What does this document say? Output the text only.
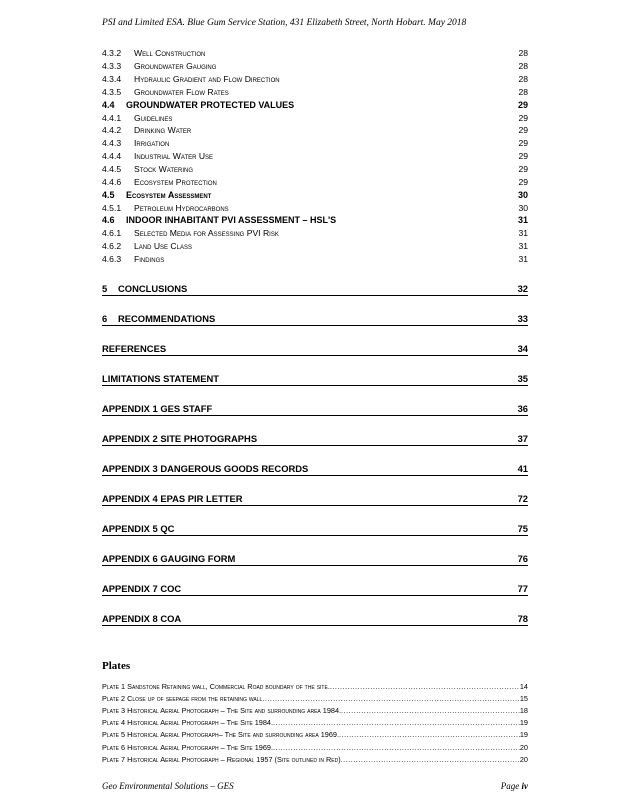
PSI and Limited ESA. Blue Gum Service Station, 431 Elizabeth Street, North Hobart. May 2018
4.3.2	Well Construction	28
4.3.3	Groundwater Gauging	28
4.3.4	Hydraulic Gradient and Flow Direction	28
4.3.5	Groundwater Flow Rates	28
4.4	GROUNDWATER PROTECTED VALUES	29
4.4.1	Guidelines	29
4.4.2	Drinking Water	29
4.4.3	Irrigation	29
4.4.4	Industrial Water Use	29
4.4.5	Stock Watering	29
4.4.6	Ecosystem Protection	29
4.5	Ecosystem Assessment	30
4.5.1	Petroleum Hydrocarbons	30
4.6	INDOOR INHABITANT PVI ASSESSMENT – HSL'S	31
4.6.1	Selected Media for Assessing PVI Risk	31
4.6.2	Land Use Class	31
4.6.3	Findings	31
5	CONCLUSIONS	32
6	RECOMMENDATIONS	33
REFERENCES	34
LIMITATIONS STATEMENT	35
APPENDIX 1 GES STAFF	36
APPENDIX 2 SITE PHOTOGRAPHS	37
APPENDIX 3 DANGEROUS GOODS RECORDS	41
APPENDIX 4 EPAS PIR LETTER	72
APPENDIX 5 QC	75
APPENDIX 6 GAUGING FORM	76
APPENDIX 7 COC	77
APPENDIX 8 COA	78
Plates
Plate 1 Sandstone Retaining wall, Commercial Road boundary of the site. .....	14
Plate 2 Close up of seepage from the retaining wall .....	15
Plate 3 Historical Aerial Photograph – The Site and surrounding area 1984. .....	18
Plate 4 Historical Aerial Photograph – The Site 1984. .....	19
Plate 5 Historical Aerial Photograph– The Site and surrounding area 1969. .....	19
Plate 6 Historical Aerial Photograph – The Site 1969. .....	20
Plate 7 Historical Aerial Photograph – Regional 1957 (Site outlined in Red) .....	20
Geo Environmental Solutions – GES	Page iv
